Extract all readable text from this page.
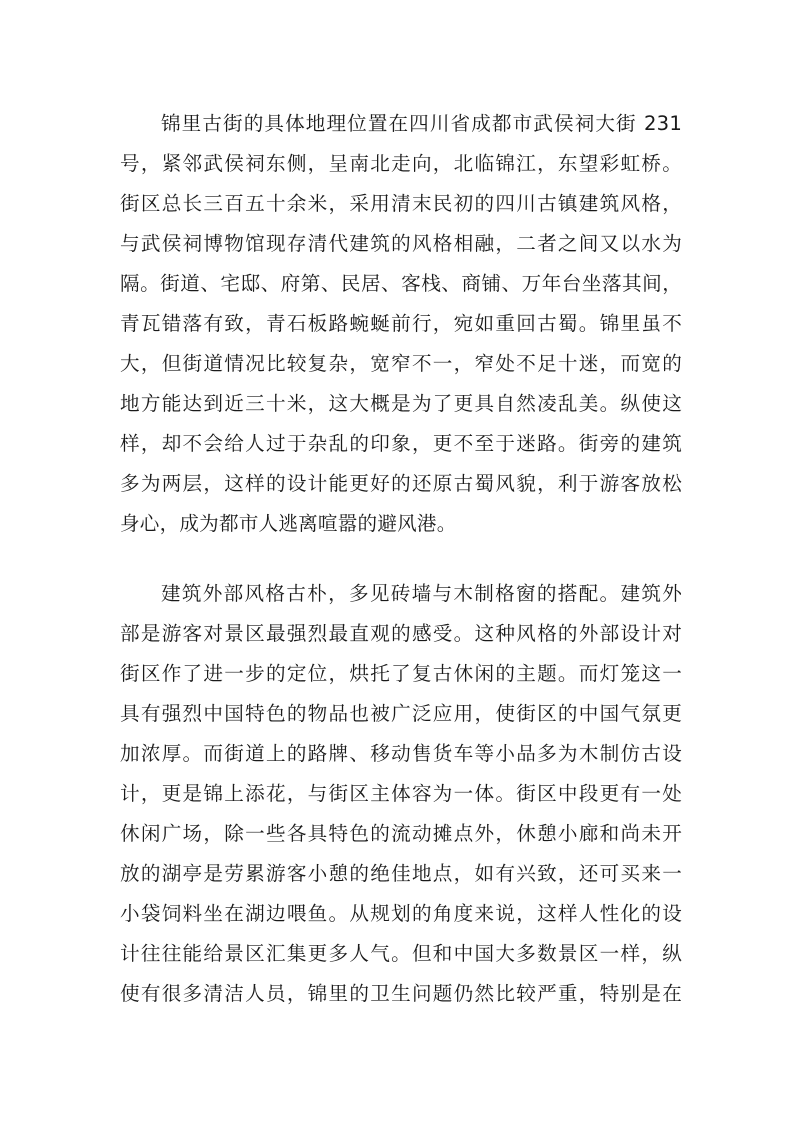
锦里古街的具体地理位置在四川省成都市武侯祠大街 231
号，紧邻武侯祠东侧，呈南北走向，北临锦江，东望彩虹桥。
街区总长三百五十余米，采用清末民初的四川古镇建筑风格，
与武侯祠博物馆现存清代建筑的风格相融，二者之间又以水为
隔。街道、宅邸、府第、民居、客栈、商铺、万年台坐落其间，
青瓦错落有致，青石板路蜿蜒前行，宛如重回古蜀。锦里虽不
大，但街道情况比较复杂，宽窄不一，窄处不足十迷，而宽的
地方能达到近三十米，这大概是为了更具自然凌乱美。纵使这
样，却不会给人过于杂乱的印象，更不至于迷路。街旁的建筑
多为两层，这样的设计能更好的还原古蜀风貌，利于游客放松
身心，成为都市人逃离喧嚣的避风港。
建筑外部风格古朴，多见砖墙与木制格窗的搭配。建筑外
部是游客对景区最强烈最直观的感受。这种风格的外部设计对
街区作了进一步的定位，烘托了复古休闲的主题。而灯笼这一
具有强烈中国特色的物品也被广泛应用，使街区的中国气氛更
加浓厚。而街道上的路牌、移动售货车等小品多为木制仿古设
计，更是锦上添花，与街区主体容为一体。街区中段更有一处
休闲广场，除一些各具特色的流动摊点外，休憩小廊和尚未开
放的湖亭是劳累游客小憩的绝佳地点，如有兴致，还可买来一
小袋饲料坐在湖边喂鱼。从规划的角度来说，这样人性化的设
计往往能给景区汇集更多人气。但和中国大多数景区一样，纵
使有很多清洁人员，锦里的卫生问题仍然比较严重，特别是在
